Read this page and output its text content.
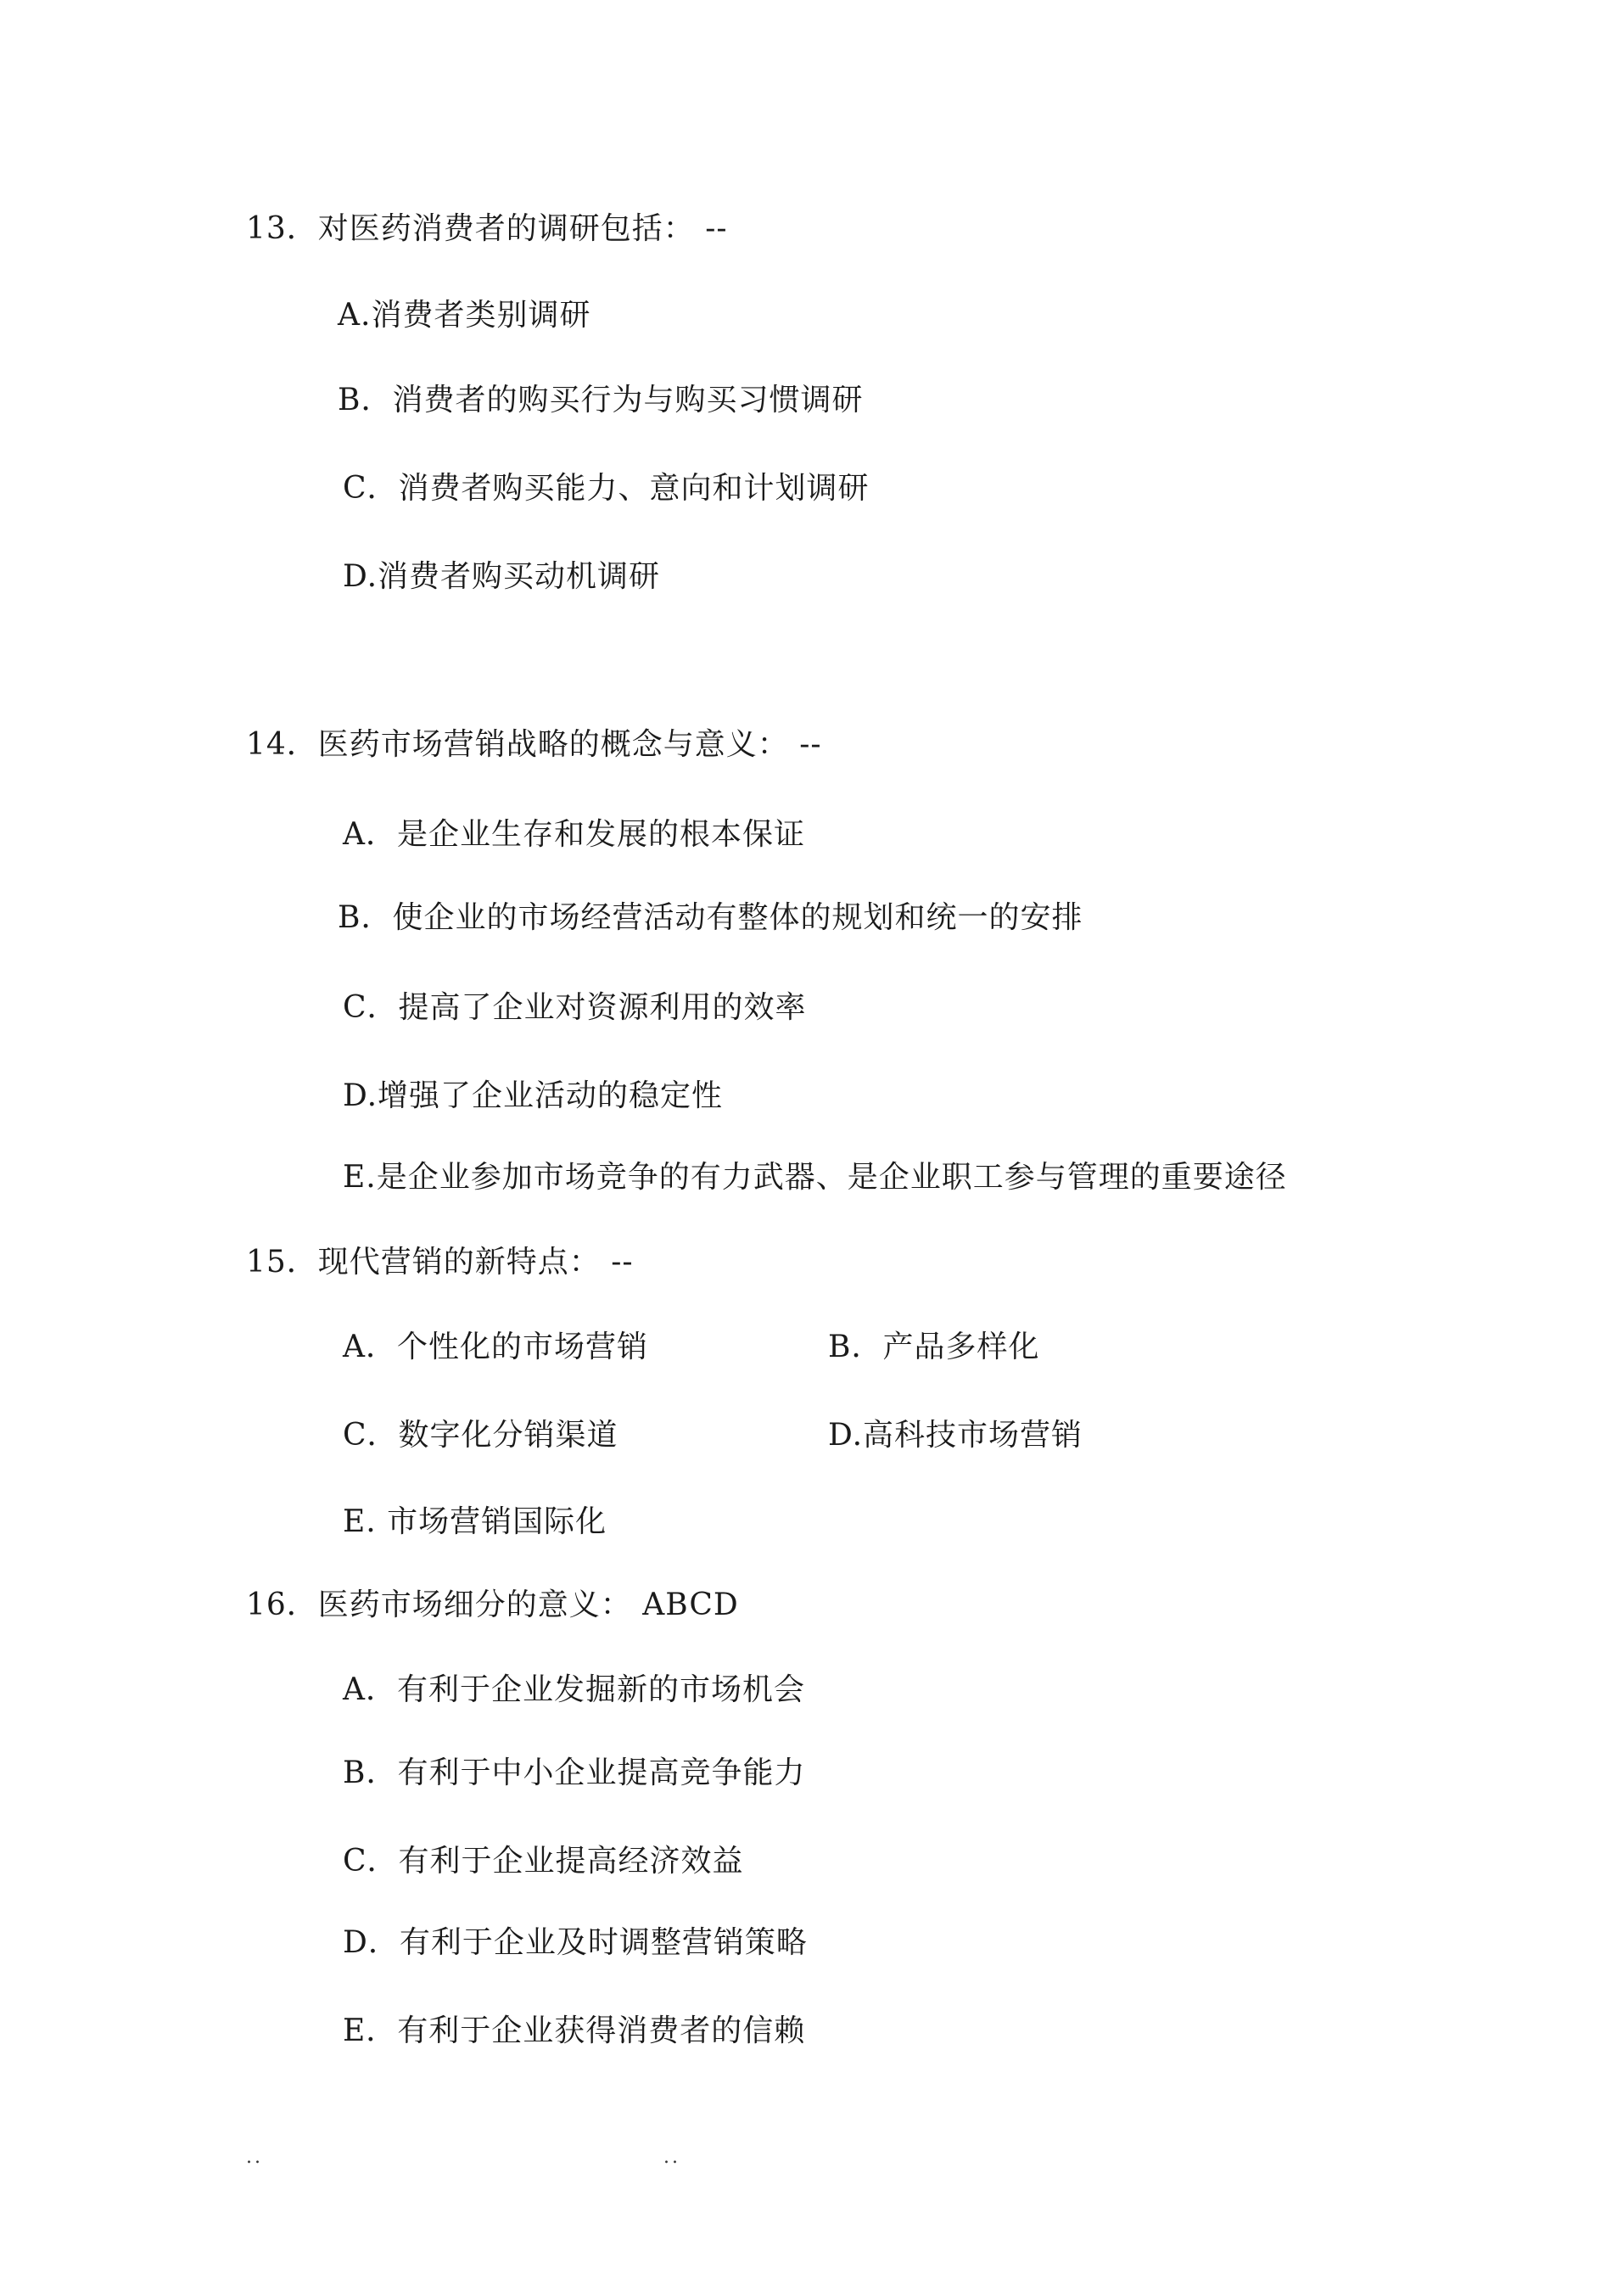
13．对医药消费者的调研包括： --
A.消费者类别调研
B．消费者的购买行为与购买习惯调研
C．消费者购买能力、意向和计划调研
D.消费者购买动机调研
14．医药市场营销战略的概念与意义： --
A．是企业生存和发展的根本保证
B．使企业的市场经营活动有整体的规划和统一的安排
C．提高了企业对资源利用的效率
D.增强了企业活动的稳定性
E.是企业参加市场竞争的有力武器、是企业职工参与管理的重要途径
15．现代营销的新特点： --
A．个性化的市场营销	B．产品多样化
C．数字化分销渠道	D.高科技市场营销
E. 市场营销国际化
16．医药市场细分的意义： ABCD
A．有利于企业发掘新的市场机会
B．有利于中小企业提高竞争能力
C．有利于企业提高经济效益
D．有利于企业及时调整营销策略
E．有利于企业获得消费者的信赖
..	..
